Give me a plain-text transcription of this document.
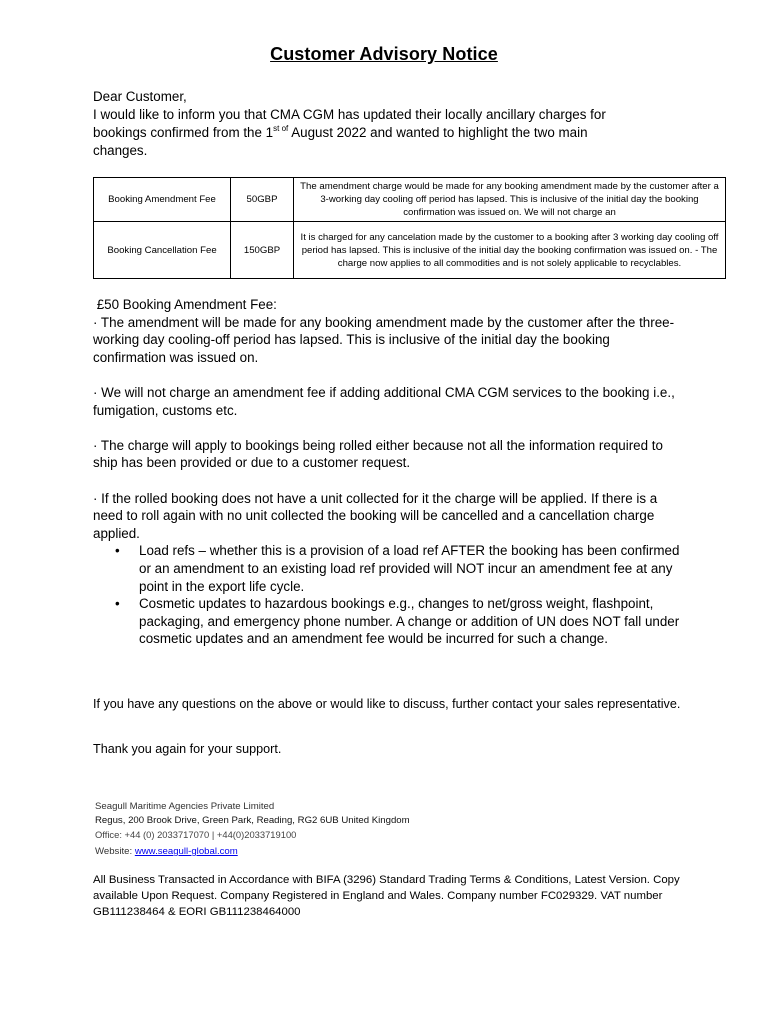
Customer Advisory Notice

Dear Customer,

I would like to inform you that CMA CGM has updated their locally ancillary charges for

bookings confirmed from the $1^{st of}$ August 2022 and wanted to highlight the two main

changes.

Booking Amendment Fee	50GBP	The amendment charge would be made for any booking amendment made by the customer after a 3-working day cooling off period has lapsed. This is inclusive of the initial day the booking confirmation was issued on. We will not charge an

Booking Cancellation Fee	150GBP	It is charged for any cancelation made by the customer to a booking after 3 working day cooling off period has lapsed. This is inclusive of the initial day the booking confirmation was issued on. - The charge now applies to all commodities and is not solely applicable to recyclables.

£50 Booking Amendment Fee:

· The amendment will be made for any booking amendment made by the customer after the three-working day cooling-off period has lapsed. This is inclusive of the initial day the booking confirmation was issued on.

· We will not charge an amendment fee if adding additional CMA CGM services to the booking i.e., fumigation, customs etc.

· The charge will apply to bookings being rolled either because not all the information required to ship has been provided or due to a customer request.

· If the rolled booking does not have a unit collected for it the charge will be applied. If there is a need to roll again with no unit collected the booking will be cancelled and a cancellation charge applied.

• Load refs – whether this is a provision of a load ref AFTER the booking has been confirmed or an amendment to an existing load ref provided will NOT incur an amendment fee at any point in the export life cycle.
• Cosmetic updates to hazardous bookings e.g., changes to net/gross weight, flashpoint, packaging, and emergency phone number. A change or addition of UN does NOT fall under cosmetic updates and an amendment fee would be incurred for such a change.

If you have any questions on the above or would like to discuss, further contact your sales representative.

Thank you again for your support.
Seagull Maritime Agencies Private Limited
Regus, 200 Brook Drive, Green Park, Reading, RG2 6UB United Kingdom
Office: +44 (0) 2033717070 | +44(0)2033719100
Website: www.seagull-global.com
All Business Transacted in Accordance with BIFA (3296) Standard Trading Terms & Conditions, Latest Version. Copy available Upon Request. Company Registered in England and Wales. Company number FC029329. VAT number GB111238464 & EORI GB111238464000
